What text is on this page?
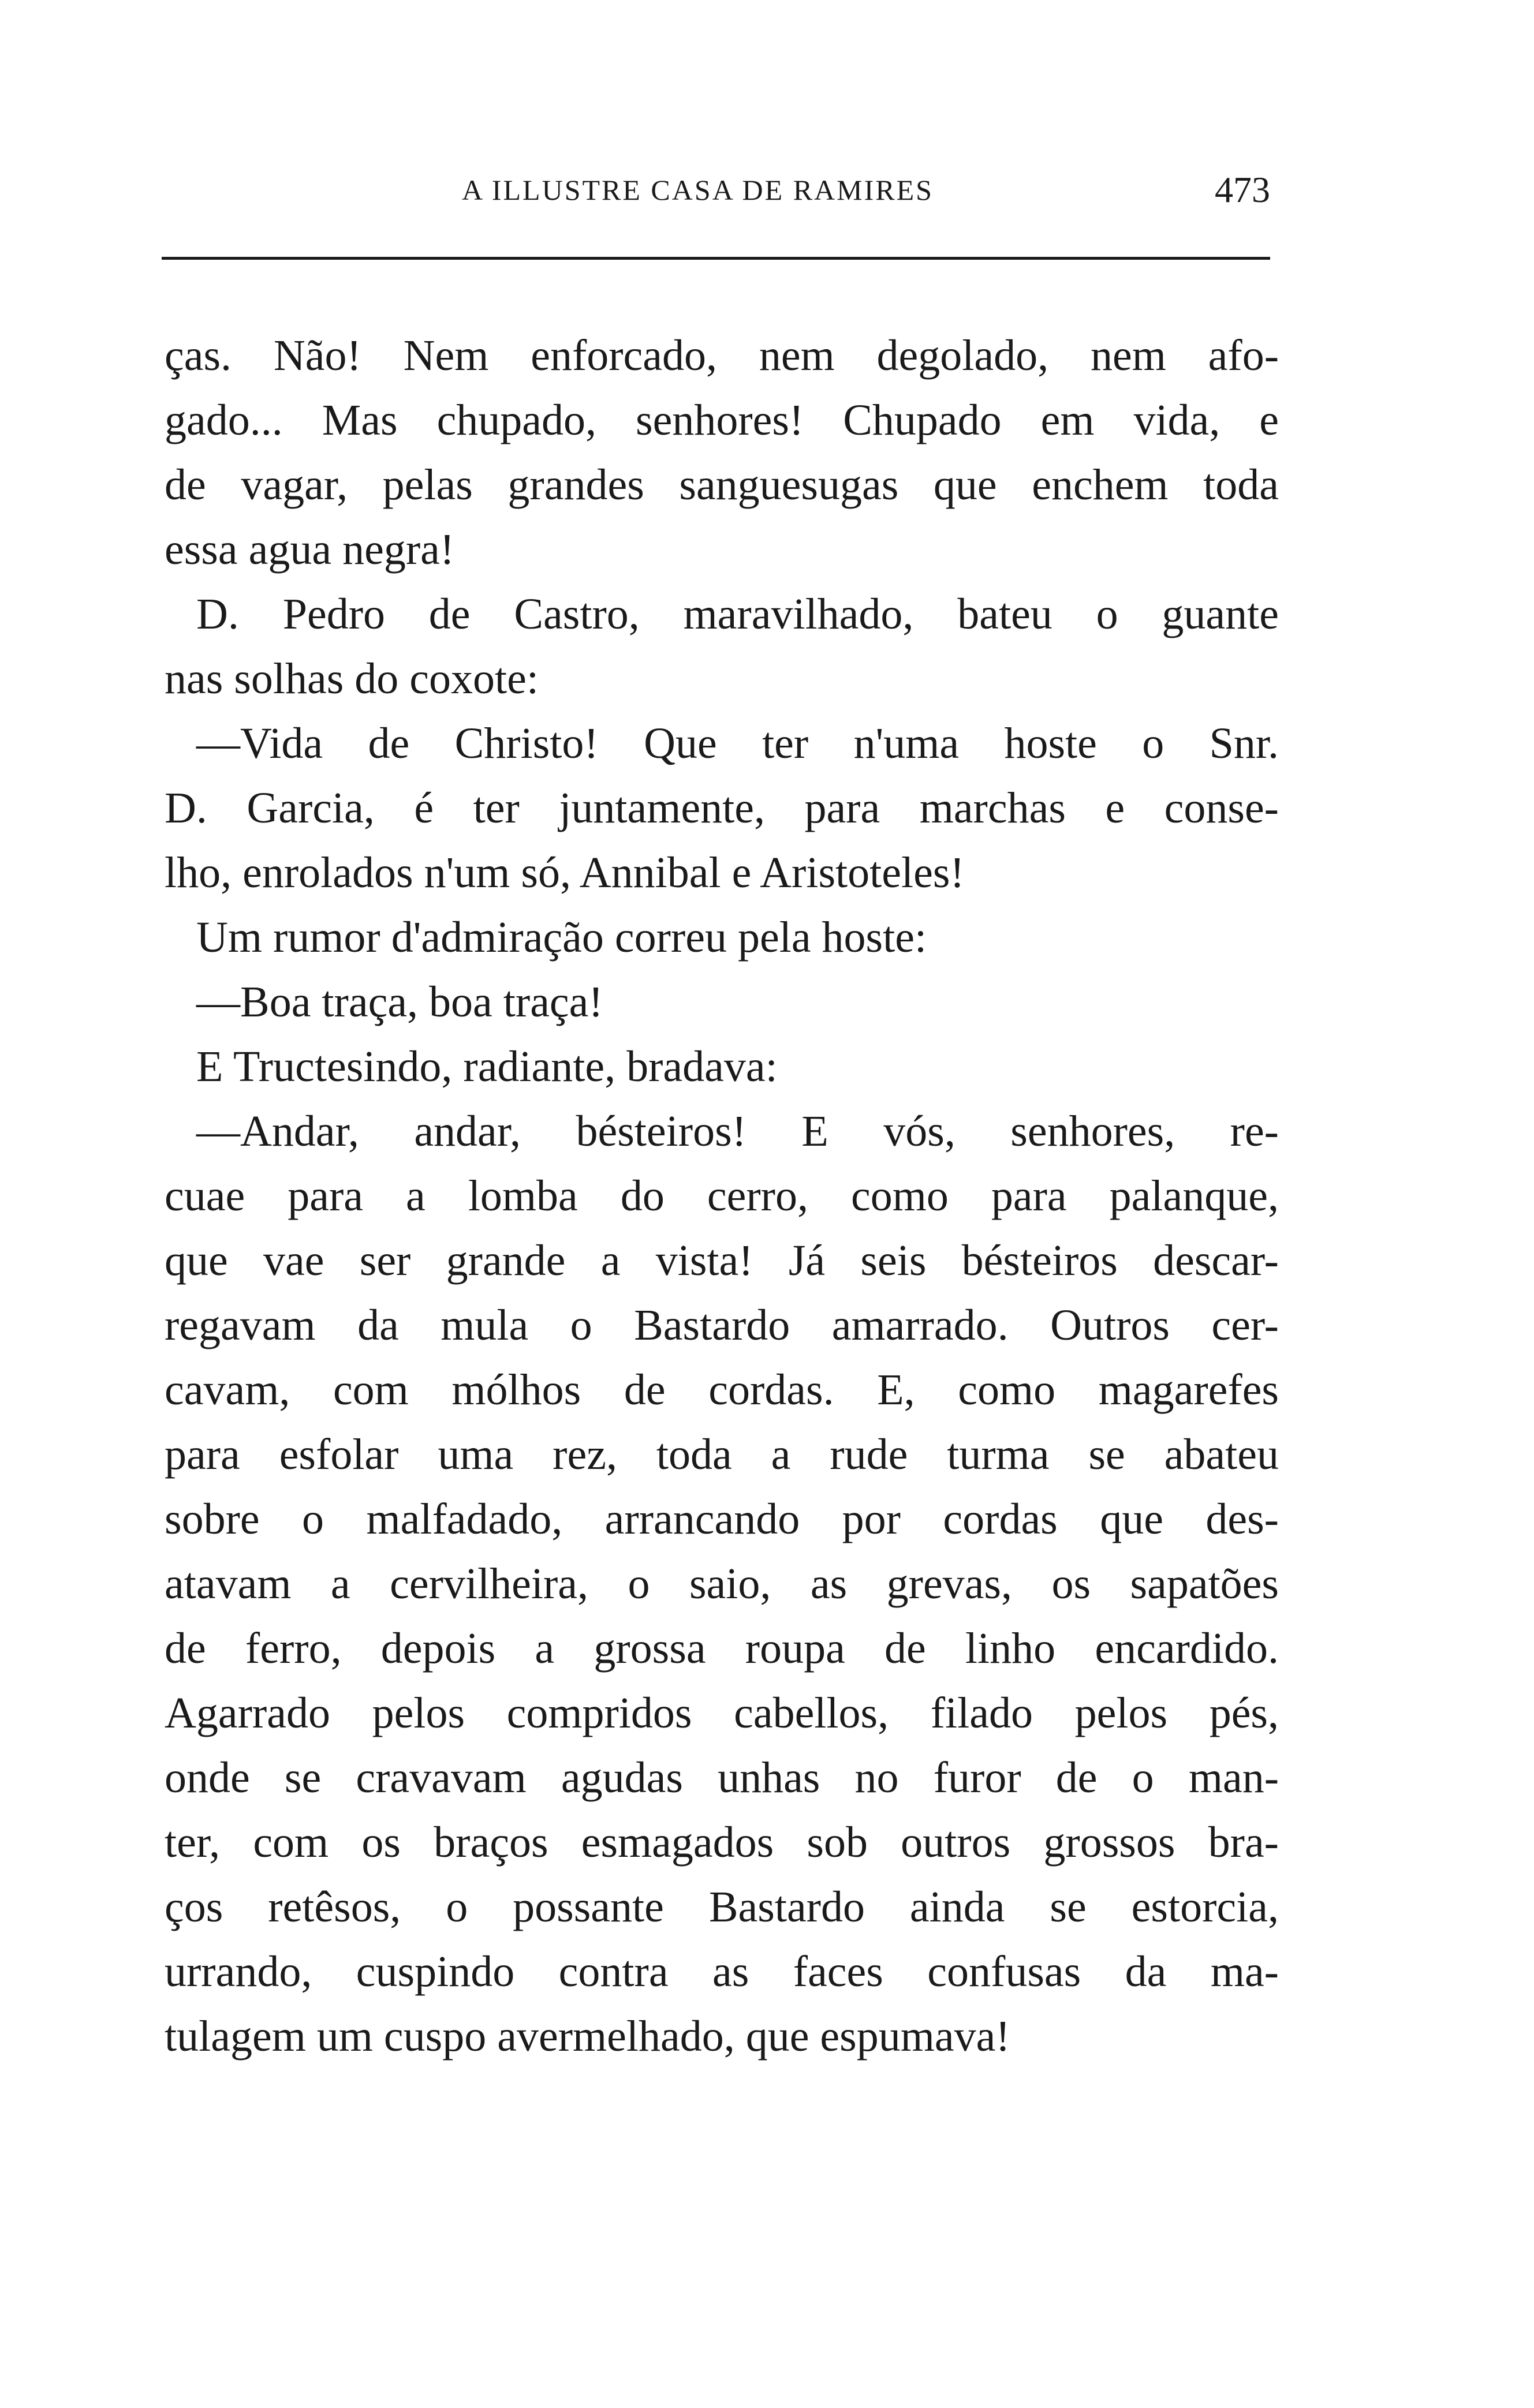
A ILLUSTRE CASA DE RAMIRES	473
ças. Não! Nem enforcado, nem degolado, nem afo-
gado... Mas chupado, senhores! Chupado em vida, e
de vagar, pelas grandes sanguesugas que enchem toda
essa agua negra!
D. Pedro de Castro, maravilhado, bateu o guante
nas solhas do coxote:
—Vida de Christo! Que ter n'uma hoste o Snr.
D. Garcia, é ter juntamente, para marchas e conse-
lho, enrolados n'um só, Annibal e Aristoteles!
Um rumor d'admiração correu pela hoste:
—Boa traça, boa traça!
E Tructesindo, radiante, bradava:
—Andar, andar, bésteiros! E vós, senhores, re-
cuae para a lomba do cerro, como para palanque,
que vae ser grande a vista! Já seis bésteiros descar-
regavam da mula o Bastardo amarrado. Outros cer-
cavam, com mólhos de cordas. E, como magarefes
para esfolar uma rez, toda a rude turma se abateu
sobre o malfadado, arrancando por cordas que des-
atavam a cervilheira, o saio, as grevas, os sapatões
de ferro, depois a grossa roupa de linho encardido.
Agarrado pelos compridos cabellos, filado pelos pés,
onde se cravavam agudas unhas no furor de o man-
ter, com os braços esmagados sob outros grossos bra-
ços retêsos, o possante Bastardo ainda se estorcia,
urrando, cuspindo contra as faces confusas da ma-
tulagem um cuspo avermelhado, que espumava!
